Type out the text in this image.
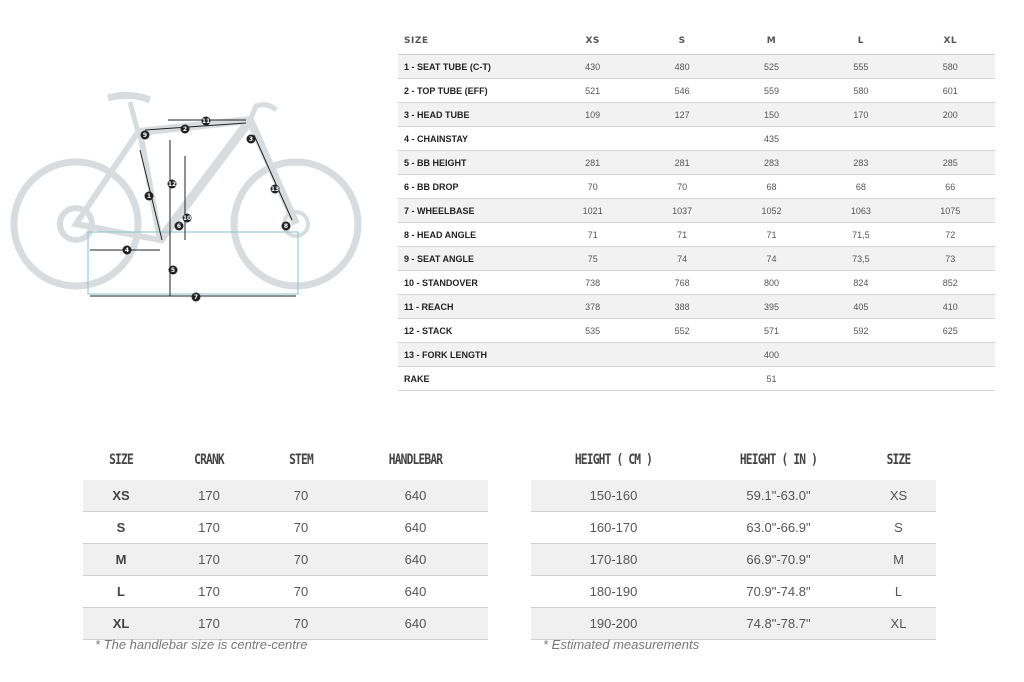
1
2
3
4
5
6
7
8
9
10
11
12
13
SIZE	XS	S	M	L	XL
1 - SEAT TUBE (C-T)	430	480	525	555	580
2 - TOP TUBE (EFF)	521	546	559	580	601
3 - HEAD TUBE	109	127	150	170	200
4 - CHAINSTAY			435		
5 - BB HEIGHT	281	281	283	283	285
6 - BB DROP	70	70	68	68	66
7 - WHEELBASE	1021	1037	1052	1063	1075
8 - HEAD ANGLE	71	71	71	71,5	72
9 - SEAT ANGLE	75	74	74	73,5	73
10 - STANDOVER	738	768	800	824	852
11 - REACH	378	388	395	405	410
12 - STACK	535	552	571	592	625
13 - FORK LENGTH			400		
RAKE			51		
SIZE	CRANK	STEM	HANDLEBAR
XS	170	70	640
S	170	70	640
M	170	70	640
L	170	70	640
XL	170	70	640
* The handlebar size is centre-centre
HEIGHT ( CM )	HEIGHT ( IN )	SIZE
150-160	59.1"-63.0"	XS
160-170	63.0"-66.9"	S
170-180	66.9"-70.9"	M
180-190	70.9"-74.8"	L
190-200	74.8"-78.7"	XL
* Estimated measurements
